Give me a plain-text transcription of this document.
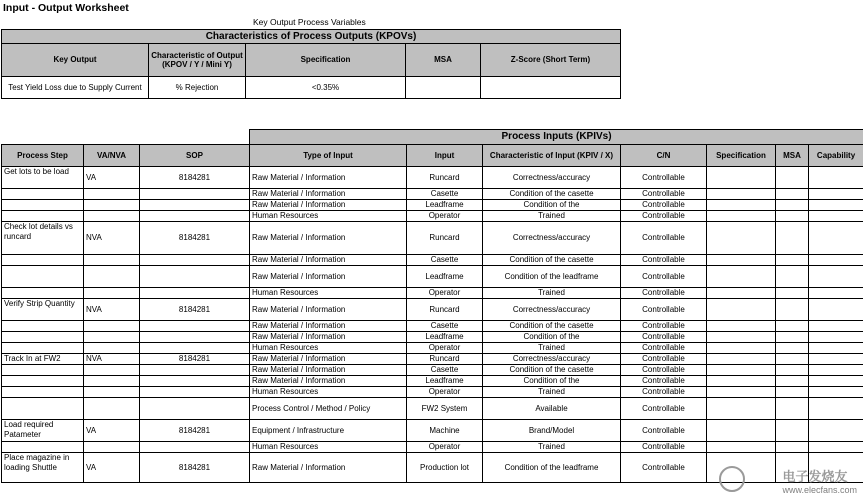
Input - Output Worksheet
Key Output Process Variables
Characteristics of Process Outputs (KPOVs)				
Key Output	Characteristic of Output (KPOV / Y / Mini Y)	Specification	MSA	Z-Score (Short Term)
Test Yield Loss due to Supply Current	% Rejection	<0.35%		
			Process Inputs (KPIVs)						
Process Step	VA/NVA	SOP	Type of Input	Input	Characteristic of Input (KPIV / X)	C/N	Specification	MSA	Capability
Get lots to be load	VA	8184281	Raw Material / Information	Runcard	Correctness/accuracy	Controllable			
			Raw Material / Information	Casette	Condition of the casette	Controllable			
			Raw Material / Information	Leadframe	Condition of the	Controllable			
			Human Resources	Operator	Trained	Controllable			
Check lot details vs runcard	NVA	8184281	Raw Material / Information	Runcard	Correctness/accuracy	Controllable			
			Raw Material / Information	Casette	Condition of the casette	Controllable			
			Raw Material / Information	Leadframe	Condition of the leadframe	Controllable			
			Human Resources	Operator	Trained	Controllable			
Verify Strip Quantity	NVA	8184281	Raw Material / Information	Runcard	Correctness/accuracy	Controllable			
			Raw Material / Information	Casette	Condition of the casette	Controllable			
			Raw Material / Information	Leadframe	Condition of the	Controllable			
			Human Resources	Operator	Trained	Controllable			
Track In at FW2	NVA	8184281	Raw Material / Information	Runcard	Correctness/accuracy	Controllable			
			Raw Material / Information	Casette	Condition of the casette	Controllable			
			Raw Material / Information	Leadframe	Condition of the	Controllable			
			Human Resources	Operator	Trained	Controllable			
			Process Control / Method / Policy	FW2 System	Available	Controllable			
Load required Patameter	VA	8184281	Equipment / Infrastructure	Machine	Brand/Model	Controllable			
			Human Resources	Operator	Trained	Controllable			
Place magazine in loading Shuttle	VA	8184281	Raw Material / Information	Production lot	Condition of the leadframe	Controllable			
电子发烧友
www.elecfans.com
